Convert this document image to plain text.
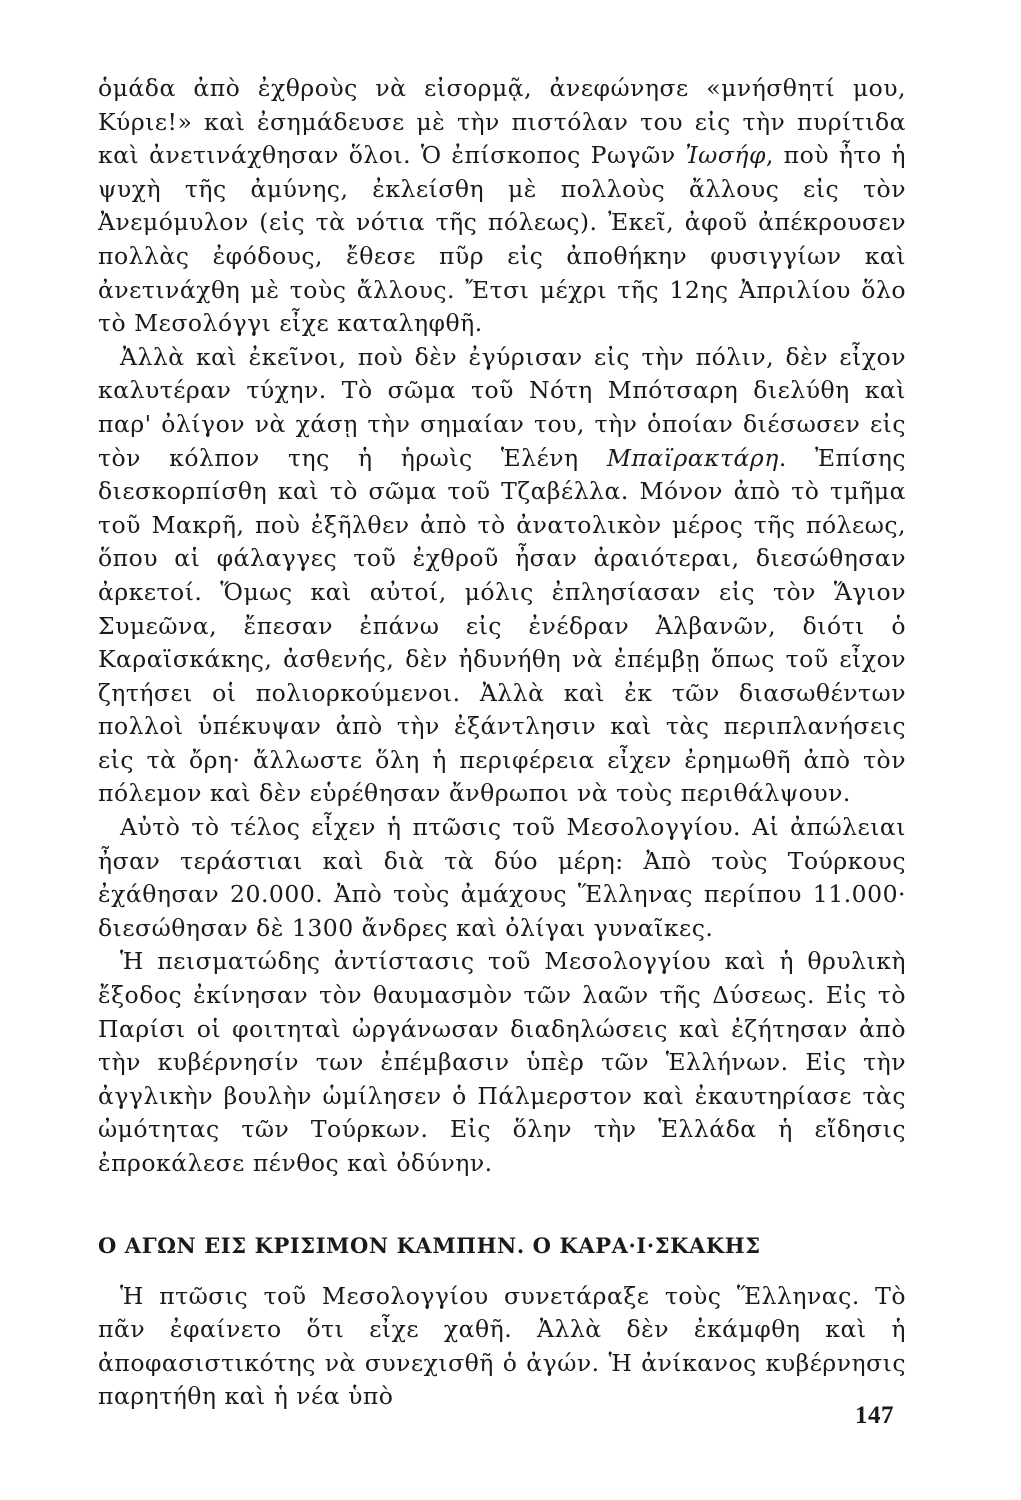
ὁμάδα ἀπὸ ἐχθροὺς νὰ εἰσορμᾷ, ἀνεφώνησε «μνήσθητί μου, Κύριε!» καὶ ἐσημάδευσε μὲ τὴν πιστόλαν του εἰς τὴν πυρίτιδα καὶ ἀνετινάχθησαν ὅλοι. Ὁ ἐπίσκοπος Ρωγῶν Ἰωσήφ, ποὺ ἦτο ἡ ψυχὴ τῆς ἀμύνης, ἐκλείσθη μὲ πολλοὺς ἄλλους εἰς τὸν Ἀνεμόμυλον (εἰς τὰ νότια τῆς πόλεως). Ἐκεῖ, ἀφοῦ ἀπέκρουσεν πολλὰς ἐφόδους, ἔθεσε πῦρ εἰς ἀποθήκην φυσιγγίων καὶ ἀνετινάχθη μὲ τοὺς ἄλλους. Ἔτσι μέχρι τῆς 12ης Ἀπριλίου ὅλο τὸ Μεσολόγγι εἶχε καταληφθῆ.

Ἀλλὰ καὶ ἐκεῖνοι, ποὺ δὲν ἐγύρισαν εἰς τὴν πόλιν, δὲν εἶχον καλυτέραν τύχην. Τὸ σῶμα τοῦ Νότη Μπότσαρη διελύθη καὶ παρ' ὀλίγον νὰ χάσῃ τὴν σημαίαν του, τὴν ὁποίαν διέσωσεν εἰς τὸν κόλπον της ἡ ἡρωὶς Ἑλένη Μπαϊρακτάρη. Ἐπίσης διεσκορπίσθη καὶ τὸ σῶμα τοῦ Τζαβέλλα. Μόνον ἀπὸ τὸ τμῆμα τοῦ Μακρῆ, ποὺ ἐξῆλθεν ἀπὸ τὸ ἀνατολικὸν μέρος τῆς πόλεως, ὅπου αἱ φάλαγγες τοῦ ἐχθροῦ ἦσαν ἀραιότεραι, διεσώθησαν ἀρκετοί. Ὅμως καὶ αὐτοί, μόλις ἐπλησίασαν εἰς τὸν Ἅγιον Συμεῶνα, ἔπεσαν ἐπάνω εἰς ἐνέδραν Ἀλβανῶν, διότι ὁ Καραϊσκάκης, ἀσθενής, δὲν ἠδυνήθη νὰ ἐπέμβῃ ὅπως τοῦ εἶχον ζητήσει οἱ πολιορκούμενοι. Ἀλλὰ καὶ ἐκ τῶν διασωθέντων πολλοὶ ὑπέκυψαν ἀπὸ τὴν ἐξάντλησιν καὶ τὰς περιπλανήσεις εἰς τὰ ὄρη· ἄλλωστε ὅλη ἡ περιφέρεια εἶχεν ἐρημωθῆ ἀπὸ τὸν πόλεμον καὶ δὲν εὑρέθησαν ἄνθρωποι νὰ τοὺς περιθάλψουν.

Αὐτὸ τὸ τέλος εἶχεν ἡ πτῶσις τοῦ Μεσολογγίου. Αἱ ἀπώλειαι ἦσαν τεράστιαι καὶ διὰ τὰ δύο μέρη: Ἀπὸ τοὺς Τούρκους ἐχάθησαν 20.000. Ἀπὸ τοὺς ἀμάχους Ἕλληνας περίπου 11.000· διεσώθησαν δὲ 1300 ἄνδρες καὶ ὀλίγαι γυναῖκες.

Ἡ πεισματώδης ἀντίστασις τοῦ Μεσολογγίου καὶ ἡ θρυλικὴ ἔξοδος ἐκίνησαν τὸν θαυμασμὸν τῶν λαῶν τῆς Δύσεως. Εἰς τὸ Παρίσι οἱ φοιτηταὶ ὠργάνωσαν διαδηλώσεις καὶ ἐζήτησαν ἀπὸ τὴν κυβέρνησίν των ἐπέμβασιν ὑπὲρ τῶν Ἑλλήνων. Εἰς τὴν ἀγγλικὴν βουλὴν ὡμίλησεν ὁ Πάλμερστον καὶ ἐκαυτηρίασε τὰς ὠμότητας τῶν Τούρκων. Εἰς ὅλην τὴν Ἑλλάδα ἡ εἴδησις ἐπροκάλεσε πένθος καὶ ὀδύνην.

Ο ΑΓΩΝ ΕΙΣ ΚΡΙΣΙΜΟΝ ΚΑΜΠΗΝ. Ο ΚΑΡΑ·Ι·ΣΚΑΚΗΣ

Ἡ πτῶσις τοῦ Μεσολογγίου συνετάραξε τοὺς Ἕλληνας. Τὸ πᾶν ἐφαίνετο ὅτι εἶχε χαθῆ. Ἀλλὰ δὲν ἐκάμφθη καὶ ἡ ἀποφασιστικότης νὰ συνεχισθῆ ὁ ἀγών. Ἡ ἀνίκανος κυβέρνησις παρητήθη καὶ ἡ νέα ὑπὸ

147
